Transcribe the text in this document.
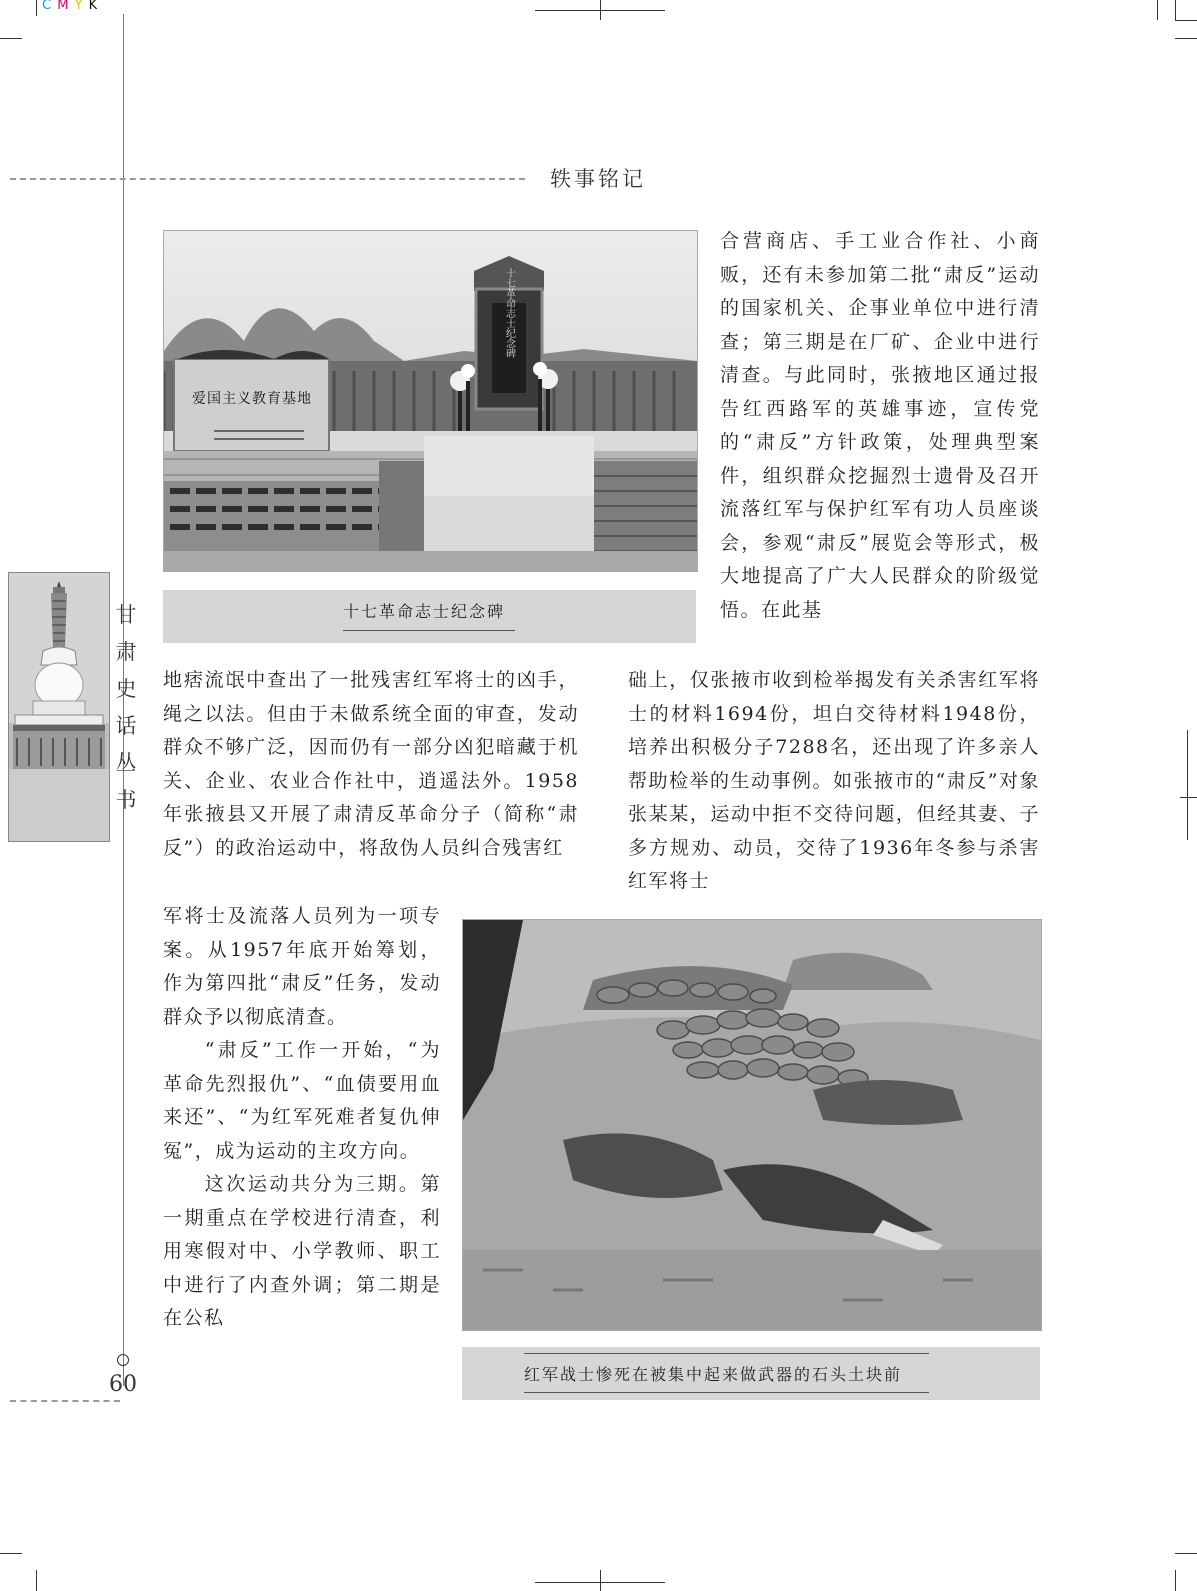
C M Y K
轶事铭记
甘
肃
史
话
丛
书
60
十七革命志士纪念碑
爱国主义教育基地
十七革命志士纪念碑
红军战士惨死在被集中起来做武器的石头土块前

合营商店、手工业合作社、小商贩，还有未参加第二批“肃反”运动的国家机关、企事业单位中进行清查；第三期是在厂矿、企业中进行清查。与此同时，张掖地区通过报告红西路军的英雄事迹，宣传党的“肃反”方针政策，处理典型案件，组织群众挖掘烈士遗骨及召开流落红军与保护红军有功人员座谈会，参观“肃反”展览会等形式，极大地提高了广大人民群众的阶级觉悟。在此基

地痞流氓中查出了一批残害红军将士的凶手，绳之以法。但由于未做系统全面的审查，发动群众不够广泛，因而仍有一部分凶犯暗藏于机关、企业、农业合作社中，逍遥法外。1958年张掖县又开展了肃清反革命分子（简称“肃反”）的政治运动中，将敌伪人员纠合残害红

础上，仅张掖市收到检举揭发有关杀害红军将士的材料1694份，坦白交待材料1948份，培养出积极分子7288名，还出现了许多亲人帮助检举的生动事例。如张掖市的“肃反”对象张某某，运动中拒不交待问题，但经其妻、子多方规劝、动员，交待了1936年冬参与杀害红军将士

军将士及流落人员列为一项专案。从1957年底开始筹划，作为第四批“肃反”任务，发动群众予以彻底清查。

“肃反”工作一开始，“为革命先烈报仇”、“血债要用血来还”、“为红军死难者复仇伸冤”，成为运动的主攻方向。

这次运动共分为三期。第一期重点在学校进行清查，利用寒假对中、小学教师、职工中进行了内查外调；第二期是在公私
